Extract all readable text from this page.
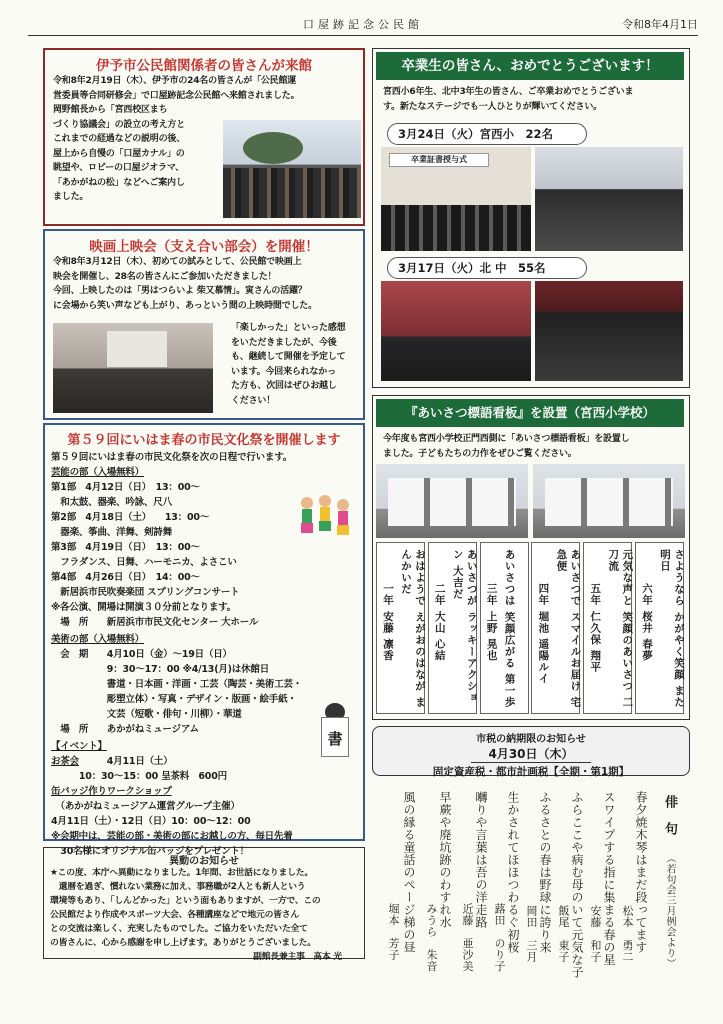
口屋跡記念公民館	令和8年4月1日
伊予市公民館関係者の皆さんが来館
令和8年2月19日（木）、伊予市の24名の皆さんが「公民館運
営委員等合同研修会」で口屋跡記念公民館へ来館されました。
岡野館長から「宮西校区まち
づくり協議会」の設立の考え方と
これまでの経過などの説明の後、
屋上から自慢の「口屋カナル」の
眺望や、ロビーの口屋ジオラマ、
「あかがねの松」などへご案内し
ました。
映画上映会（支え合い部会）を開催！
令和8年3月12日（木）、初めての試みとして、公民館で映画上
映会を開催し、28名の皆さんにご参加いただきました！
今回、上映したのは「男はつらいよ 柴又慕情」。寅さんの活躍？
に会場から笑い声なども上がり、あっという間の上映時間でした。
「楽しかった」といった感想
をいただきましたが、今後
も、継続して開催を予定して
います。今回来られなかっ
た方も、次回はぜひお越し
ください！
第５９回にいはま春の市民文化祭を開催します
第５９回にいはま春の市民文化祭を次の日程で行います。
芸能の部（入場無料）
第1部　4月12日（日）　13：00～
　和太鼓、器楽、吟詠、尺八
第2部　4月18日（土）　　13：00～
　器楽、筝曲、洋舞、剣詩舞
第3部　4月19日（日）　13：00～
　フラダンス、日舞、ハーモニカ、よさこい
第4部　4月26日（日）　14：00～
　新居浜市民吹奏楽団 スプリングコンサート
※各公演、開場は開演３０分前となります。
　場　所　　新居浜市市民文化センター 大ホール
美術の部（入場無料）
　会　期　　4月10日（金）～19日（日）
　　　　　　9：30～17：00 ※4/13(月)は休館日
　　　　　　書道・日本画・洋画・工芸（陶芸・美術工芸・
　　　　　　彫塑立体）・写真・デザイン・版画・絵手紙・
　　　　　　文芸（短歌・俳句・川柳）・華道
　場　所　　あかがねミュージアム
【イベント】
お茶会 　　　4月11日（土）
　　　10：30～15：00 呈茶料　600円
缶バッジ作りワークショップ
　（あかがねミュージアム運営グループ主催）
4月11日（土）・12日（日）10：00～12：00
※会期中は、芸能の部・美術の部にお越しの方、毎日先着
　30名様にオリジナル缶バッジをプレゼント！
書
異動のお知らせ
★この度、本庁へ異動になりました。1年間、お世話になりました。
　還暦を過ぎ、慣れない業務に加え、事務職が2人とも新人という
環境等もあり、「しんどかった」という面もありますが、一方で、この
公民館だより作成やスポーツ大会、各種講座などで地元の皆さん
との交流は楽しく、充実したものでした。ご協力をいただいた全て
の皆さんに、心から感謝を申し上げます。ありがとうございました。
副館長兼主事　髙本 光
卒業生の皆さん、おめでとうございます！
宮西小6年生、北中3年生の皆さん、ご卒業おめでとうございま
す。新たなステージでも一人ひとりが輝いてください。
3月24日（火）宮西小　22名
卒業証書授与式
3月17日（火）北 中　55名
『あいさつ標語看板』を設置（宮西小学校）
今年度も宮西小学校正門西側に「あいさつ標語看板」を設置し
ました。子どもたちの力作をぜひご覧ください。
おはようで えがおのはなが まんかいだ
一年 安藤 凛香	あいさつが ラッキーアクション 大吉だ
二年 大山 心結	あいさつは 笑顔広がる 第一歩
三年 上野 晃也	あいさつで スマイルお届け 宅急便
四年 堀池 遥陽ルイ	元気な声と 笑顔のあいさつ 二刀流
五年 仁久保 翔平	さようなら かがやく笑顔 また明日
六年 桜井 春夢
市税の納期限のお知らせ
4月30日（木）
固定資産税・都市計画税【全期・第1期】
俳　句
（若句会三月例会より）
春夕焼木琴はまだ段ってます
松本　勇二
スワイプする指に集まる春の星
安藤　和子
ふらここや病む母のいて元気な子
飯尾　東子
ふるさとの春は野球に誇り来
岡田　三月
生かされてほほつわるぐ初桜
蕗田　のり子
囀りや言葉は吾の洋走路
近藤　亜沙美
早蕨や廃坑跡のわすれ水
みうら　朱音
風の縁る童話のページ梯の昼
堀本　芳子
